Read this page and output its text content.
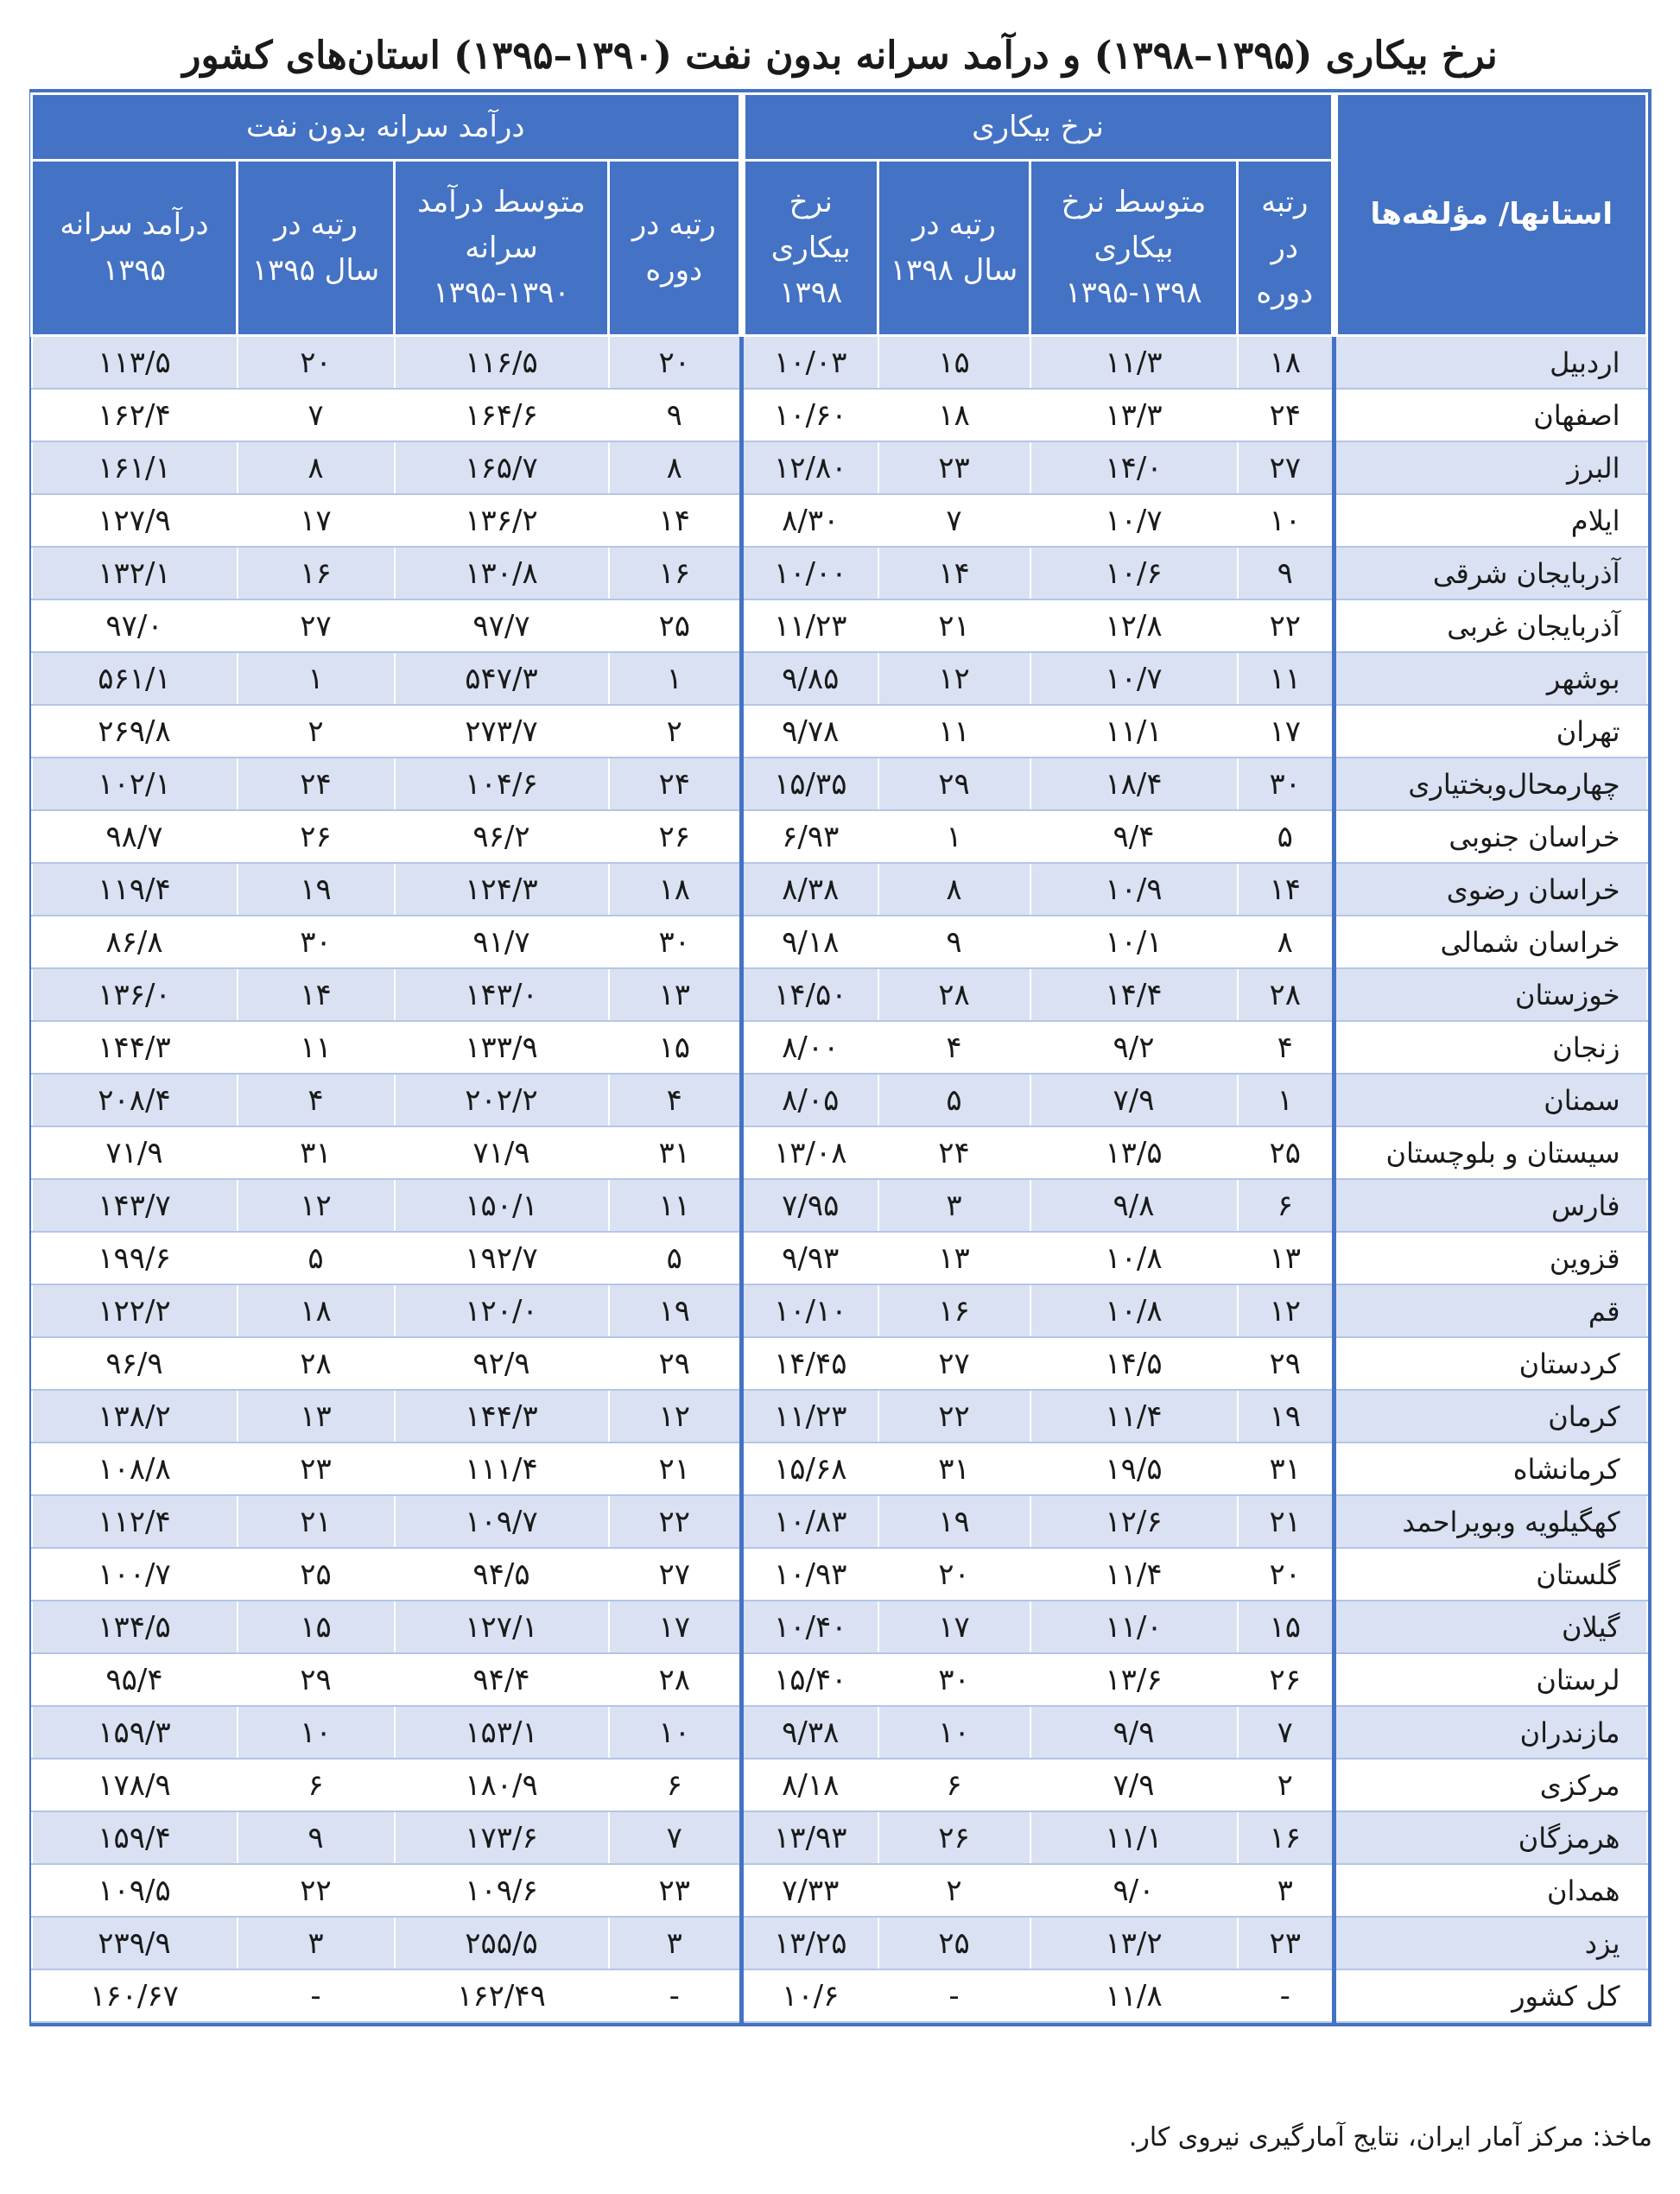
نرخ بیکاری (۱۳۹۵–۱۳۹۸) و درآمد سرانه بدون نفت (۱۳۹۰–۱۳۹۵) استان‌های کشور
استانها/ مؤلفه‌ها	نرخ بیکاری				درآمد سرانه بدون نفت			
	رتبه در دوره	متوسط نرخ بیکاری ۱۳۹۸-۱۳۹۵	رتبه در سال ۱۳۹۸	نرخ بیکاری ۱۳۹۸	رتبه در دوره	متوسط درآمد سرانه ۱۳۹۰-۱۳۹۵	رتبه در سال ۱۳۹۵	درآمد سرانه ۱۳۹۵
اردبیل	۱۸	۱۱/۳	۱۵	۱۰/۰۳	۲۰	۱۱۶/۵	۲۰	۱۱۳/۵
اصفهان	۲۴	۱۳/۳	۱۸	۱۰/۶۰	۹	۱۶۴/۶	۷	۱۶۲/۴
البرز	۲۷	۱۴/۰	۲۳	۱۲/۸۰	۸	۱۶۵/۷	۸	۱۶۱/۱
ایلام	۱۰	۱۰/۷	۷	۸/۳۰	۱۴	۱۳۶/۲	۱۷	۱۲۷/۹
آذربایجان شرقی	۹	۱۰/۶	۱۴	۱۰/۰۰	۱۶	۱۳۰/۸	۱۶	۱۳۲/۱
آذربایجان غربی	۲۲	۱۲/۸	۲۱	۱۱/۲۳	۲۵	۹۷/۷	۲۷	۹۷/۰
بوشهر	۱۱	۱۰/۷	۱۲	۹/۸۵	۱	۵۴۷/۳	۱	۵۶۱/۱
تهران	۱۷	۱۱/۱	۱۱	۹/۷۸	۲	۲۷۳/۷	۲	۲۶۹/۸
چهارمحال‌وبختیاری	۳۰	۱۸/۴	۲۹	۱۵/۳۵	۲۴	۱۰۴/۶	۲۴	۱۰۲/۱
خراسان جنوبی	۵	۹/۴	۱	۶/۹۳	۲۶	۹۶/۲	۲۶	۹۸/۷
خراسان رضوی	۱۴	۱۰/۹	۸	۸/۳۸	۱۸	۱۲۴/۳	۱۹	۱۱۹/۴
خراسان شمالی	۸	۱۰/۱	۹	۹/۱۸	۳۰	۹۱/۷	۳۰	۸۶/۸
خوزستان	۲۸	۱۴/۴	۲۸	۱۴/۵۰	۱۳	۱۴۳/۰	۱۴	۱۳۶/۰
زنجان	۴	۹/۲	۴	۸/۰۰	۱۵	۱۳۳/۹	۱۱	۱۴۴/۳
سمنان	۱	۷/۹	۵	۸/۰۵	۴	۲۰۲/۲	۴	۲۰۸/۴
سیستان و بلوچستان	۲۵	۱۳/۵	۲۴	۱۳/۰۸	۳۱	۷۱/۹	۳۱	۷۱/۹
فارس	۶	۹/۸	۳	۷/۹۵	۱۱	۱۵۰/۱	۱۲	۱۴۳/۷
قزوین	۱۳	۱۰/۸	۱۳	۹/۹۳	۵	۱۹۲/۷	۵	۱۹۹/۶
قم	۱۲	۱۰/۸	۱۶	۱۰/۱۰	۱۹	۱۲۰/۰	۱۸	۱۲۲/۲
کردستان	۲۹	۱۴/۵	۲۷	۱۴/۴۵	۲۹	۹۲/۹	۲۸	۹۶/۹
کرمان	۱۹	۱۱/۴	۲۲	۱۱/۲۳	۱۲	۱۴۴/۳	۱۳	۱۳۸/۲
کرمانشاه	۳۱	۱۹/۵	۳۱	۱۵/۶۸	۲۱	۱۱۱/۴	۲۳	۱۰۸/۸
کهگیلویه وبویراحمد	۲۱	۱۲/۶	۱۹	۱۰/۸۳	۲۲	۱۰۹/۷	۲۱	۱۱۲/۴
گلستان	۲۰	۱۱/۴	۲۰	۱۰/۹۳	۲۷	۹۴/۵	۲۵	۱۰۰/۷
گیلان	۱۵	۱۱/۰	۱۷	۱۰/۴۰	۱۷	۱۲۷/۱	۱۵	۱۳۴/۵
لرستان	۲۶	۱۳/۶	۳۰	۱۵/۴۰	۲۸	۹۴/۴	۲۹	۹۵/۴
مازندران	۷	۹/۹	۱۰	۹/۳۸	۱۰	۱۵۳/۱	۱۰	۱۵۹/۳
مرکزی	۲	۷/۹	۶	۸/۱۸	۶	۱۸۰/۹	۶	۱۷۸/۹
هرمزگان	۱۶	۱۱/۱	۲۶	۱۳/۹۳	۷	۱۷۳/۶	۹	۱۵۹/۴
همدان	۳	۹/۰	۲	۷/۳۳	۲۳	۱۰۹/۶	۲۲	۱۰۹/۵
یزد	۲۳	۱۳/۲	۲۵	۱۳/۲۵	۳	۲۵۵/۵	۳	۲۳۹/۹
کل کشور	-	۱۱/۸	-	۱۰/۶	-	۱۶۲/۴۹	-	۱۶۰/۶۷
ماخذ: مرکز آمار ایران، نتایج آمارگیری نیروی کار.
